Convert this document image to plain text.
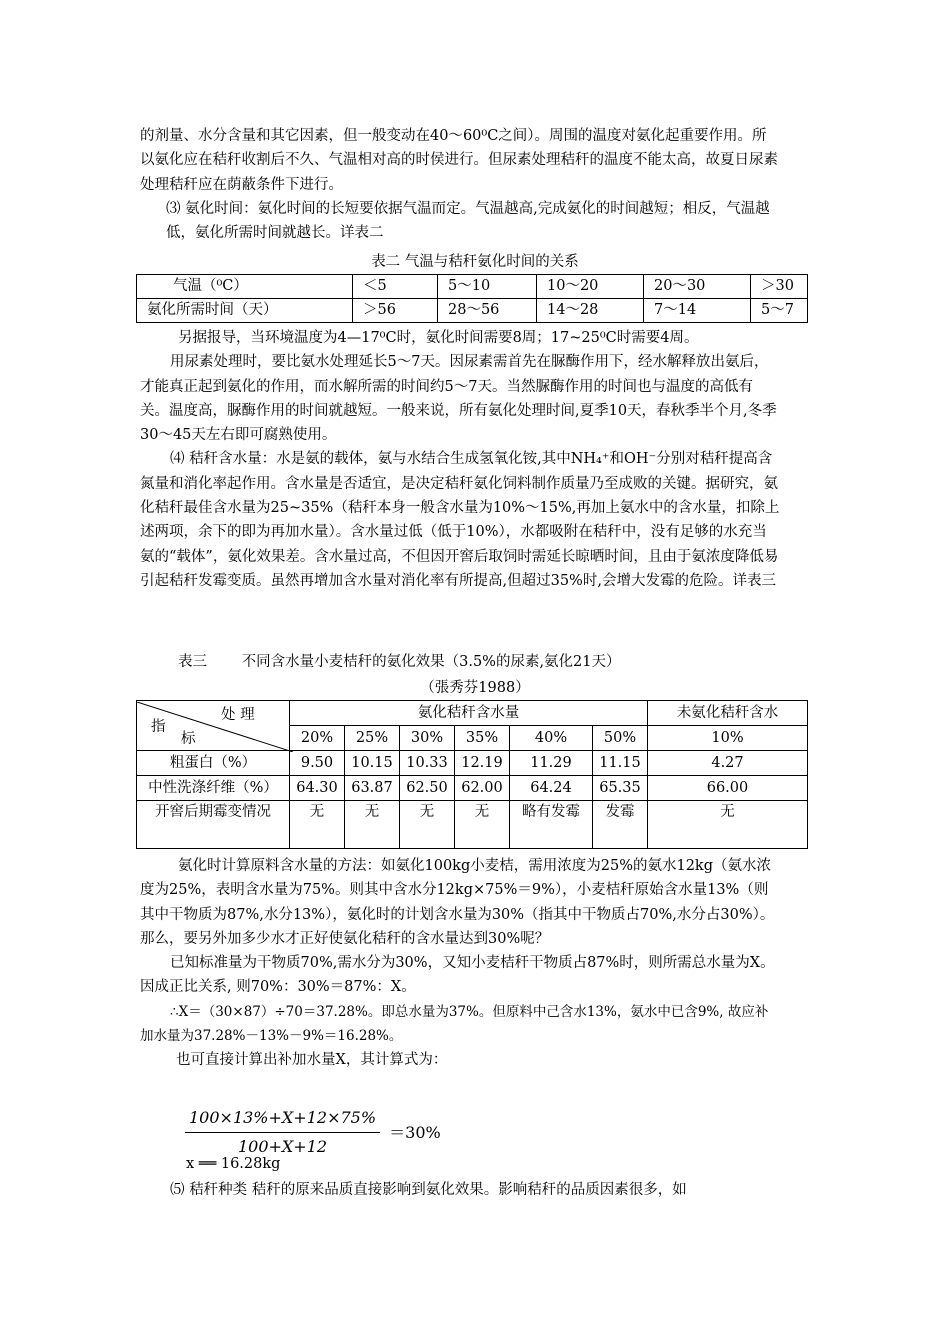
的剂量、水分含量和其它因素，但一般变动在40～60⁰C之间）。周围的温度对氨化起重要作用。所以氨化应在秸秆收割后不久、气温相对高的时侯进行。但尿素处理秸秆的温度不能太高，故夏日尿素处理秸秆应在荫蔽条件下进行。

⑶ 氨化时间：氨化时间的长短要依据气温而定。气温越高,完成氨化的时间越短；相反，气温越低，氨化所需时间就越长。详表二

表二 气温与秸秆氨化时间的关系
气温（⁰C）	＜5	5～10	10～20	20～30	＞30
氨化所需时间（天）	＞56	28～56	14～28	7～14	5～7

另据报导，当环境温度为4—17⁰C时，氨化时间需要8周；17~25⁰C时需要4周。

用尿素处理时，要比氨水处理延长5～7天。因尿素需首先在脲酶作用下，经水解释放出氨后，才能真正起到氨化的作用，而水解所需的时间约5～7天。当然脲酶作用的时间也与温度的高低有关。温度高，脲酶作用的时间就越短。一般来说，所有氨化处理时间,夏季10天，春秋季半个月,冬季30～45天左右即可腐熟使用。

⑷ 秸秆含水量：水是氨的载体，氨与水结合生成氢氧化铵,其中NH₄⁺和OH⁻分别对秸秆提高含氮量和消化率起作用。含水量是否适宜，是决定秸秆氨化饲料制作质量乃至成败的关键。据研究，氨化秸秆最佳含水量为25~35%（秸秆本身一般含水量为10%～15%,再加上氨水中的含水量，扣除上述两项，余下的即为再加水量）。含水量过低（低于10%），水都吸附在秸秆中，没有足够的水充当氨的“载体”，氨化效果差。含水量过高，不但因开窖后取饲时需延长晾晒时间，且由于氨浓度降低易引起秸秆发霉变质。虽然再增加含水量对消化率有所提高,但超过35%时,会增大发霉的危险。详表三

表三 不同含水量小麦桔秆的氨化效果（3.5%的尿素,氨化21天）
（張秀芬1988）
处 理
指
标	氨化秸秆含水量						未氨化秸秆含水
	20%	25%	30%	35%	40%	50%	10%
粗蛋白（%）	9.50	10.15	10.33	12.19	11.29	11.15	4.27
中性洗涤纤维（%）	64.30	63.87	62.50	62.00	64.24	65.35	66.00
开窖后期霉变情况	无	无	无	无	略有发霉	发霉	无

氨化时计算原料含水量的方法：如氨化100kg小麦桔，需用浓度为25%的氨水12kg（氨水浓度为25%，表明含水量为75%。则其中含水分12kg×75%＝9%），小麦桔秆原始含水量13%（则其中干物质为87%,水分13%），氨化时的计划含水量为30%（指其中干物质占70%,水分占30%）。那么，要另外加多少水才正好使氨化秸秆的含水量达到30%呢？

已知标准量为干物质70%,需水分为30%，又知小麦桔秆干物质占87%时，则所需总水量为X。因成正比关系, 则70%：30%＝87%：X。

∴X＝（30×87）÷70＝37.28%。即总水量为37%。但原料中己含水13%，氨水中已含9%, 故应补加水量为37.28%－13%－9%＝16.28%。

也可直接计算出补加水量X，其计算式为：

$\frac{100\times 13\%+X+12\times 75\%}{100+X+12} =30\%$
x ══ 16.28kg
⑸ 秸秆种类 秸秆的原来品质直接影响到氨化效果。影响秸秆的品质因素很多，如
